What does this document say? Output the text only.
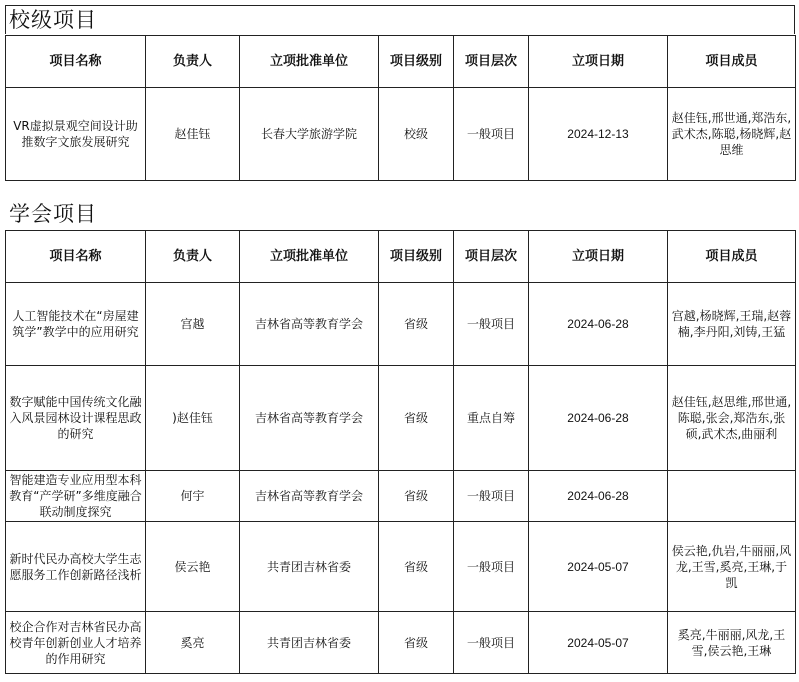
校级项目
项目名称	负责人	立项批准单位	项目级别	项目层次	立项日期	项目成员
VR虚拟景观空间设计助推数字文旅发展研究	赵佳钰	长春大学旅游学院	校级	一般项目	2024-12-13	赵佳钰,邢世通,郑浩东,武术杰,陈聪,杨晓辉,赵思维
学会项目
项目名称	负责人	立项批准单位	项目级别	项目层次	立项日期	项目成员
人工智能技术在“房屋建筑学”教学中的应用研究	宫越	吉林省高等教育学会	省级	一般项目	2024-06-28	宫越,杨晓辉,王瑞,赵蓉楠,李丹阳,刘铸,王猛
数字赋能中国传统文化融入风景园林设计课程思政的研究	)赵佳钰	吉林省高等教育学会	省级	重点自筹	2024-06-28	赵佳钰,赵思维,邢世通,陈聪,张会,郑浩东,张硕,武术杰,曲丽利
智能建造专业应用型本科教育“产学研”多维度融合联动制度探究	何宇	吉林省高等教育学会	省级	一般项目	2024-06-28	
新时代民办高校大学生志愿服务工作创新路径浅析	侯云艳	共青团吉林省委	省级	一般项目	2024-05-07	侯云艳,仇岩,牛丽丽,风龙,王雪,奚亮,王琳,于凯
校企合作对吉林省民办高校青年创新创业人才培养的作用研究	奚亮	共青团吉林省委	省级	一般项目	2024-05-07	奚亮,牛丽丽,风龙,王雪,侯云艳,王琳
